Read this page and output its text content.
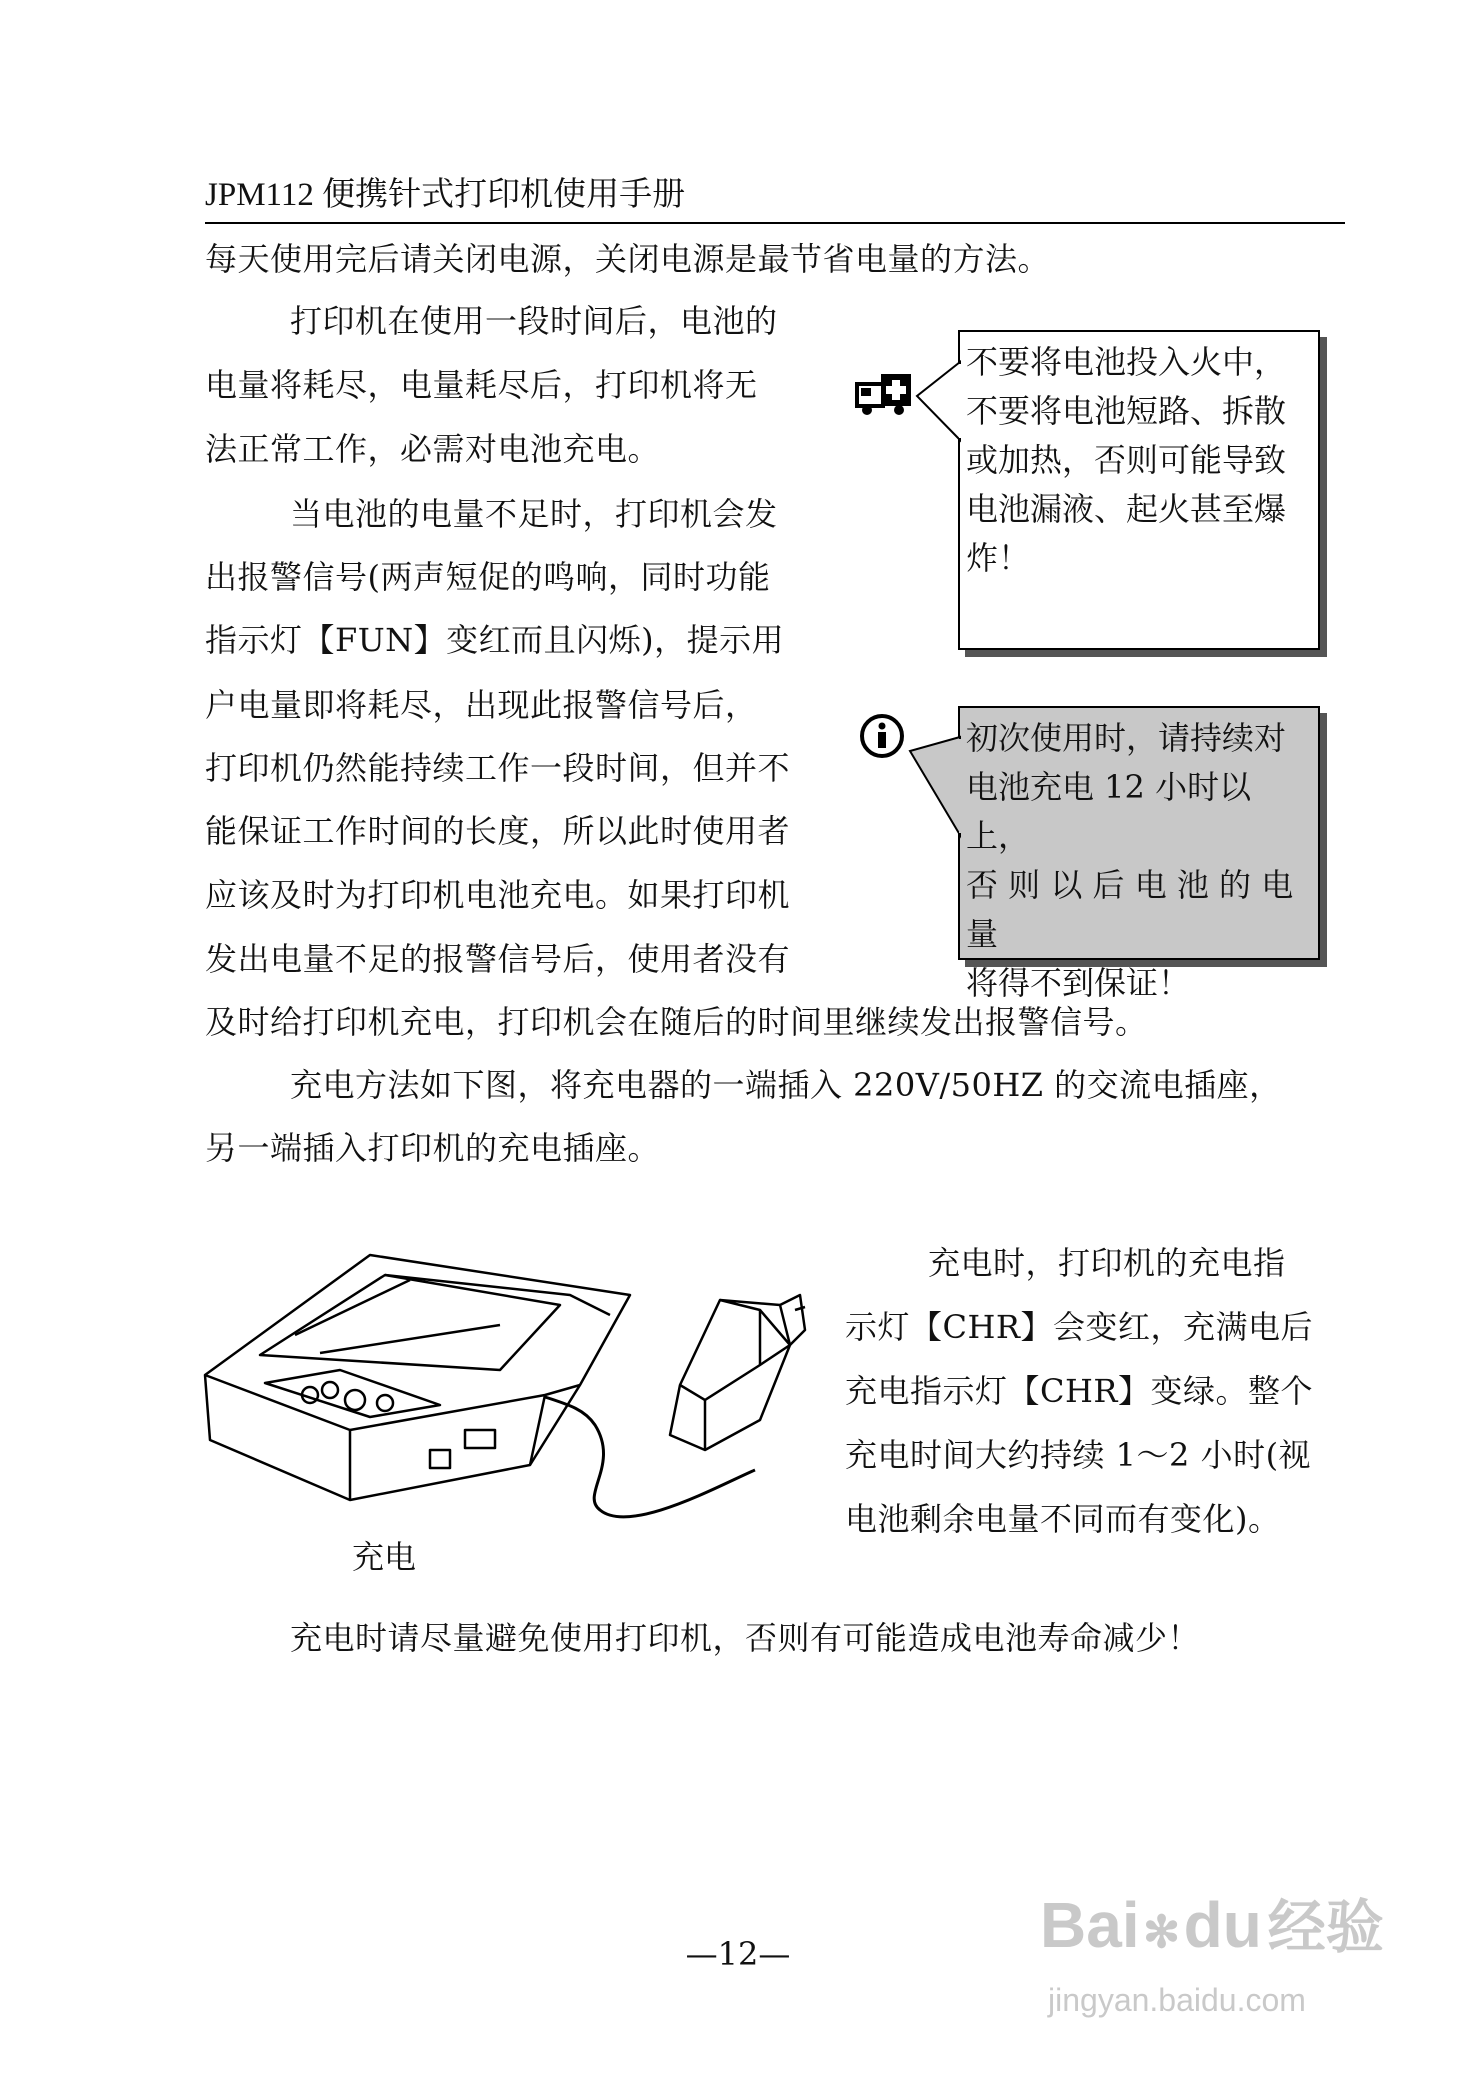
JPM112 便携针式打印机使用手册
每天使用完后请关闭电源，关闭电源是最节省电量的方法。
打印机在使用一段时间后，电池的
电量将耗尽，电量耗尽后，打印机将无
法正常工作，必需对电池充电。
当电池的电量不足时，打印机会发
出报警信号(两声短促的鸣响，同时功能
指示灯【FUN】变红而且闪烁)，提示用
户电量即将耗尽，出现此报警信号后，
打印机仍然能持续工作一段时间，但并不
能保证工作时间的长度，所以此时使用者
应该及时为打印机电池充电。如果打印机
发出电量不足的报警信号后，使用者没有
及时给打印机充电，打印机会在随后的时间里继续发出报警信号。
充电方法如下图，将充电器的一端插入 220V/50HZ 的交流电插座，
另一端插入打印机的充电插座。
不要将电池投入火中，
不要将电池短路、拆散
或加热，否则可能导致
电池漏液、起火甚至爆
炸！
初次使用时，请持续对
电池充电 12 小时以上，
否 则 以 后 电 池 的 电 量
将得不到保证！
充电
充电时，打印机的充电指
示灯【CHR】会变红，充满电后
充电指示灯【CHR】变绿。整个
充电时间大约持续 1～2 小时(视
电池剩余电量不同而有变化)。
充电时请尽量避免使用打印机，否则有可能造成电池寿命减少！
—12—	Bai✻du 经验
jingyan.baidu.com
